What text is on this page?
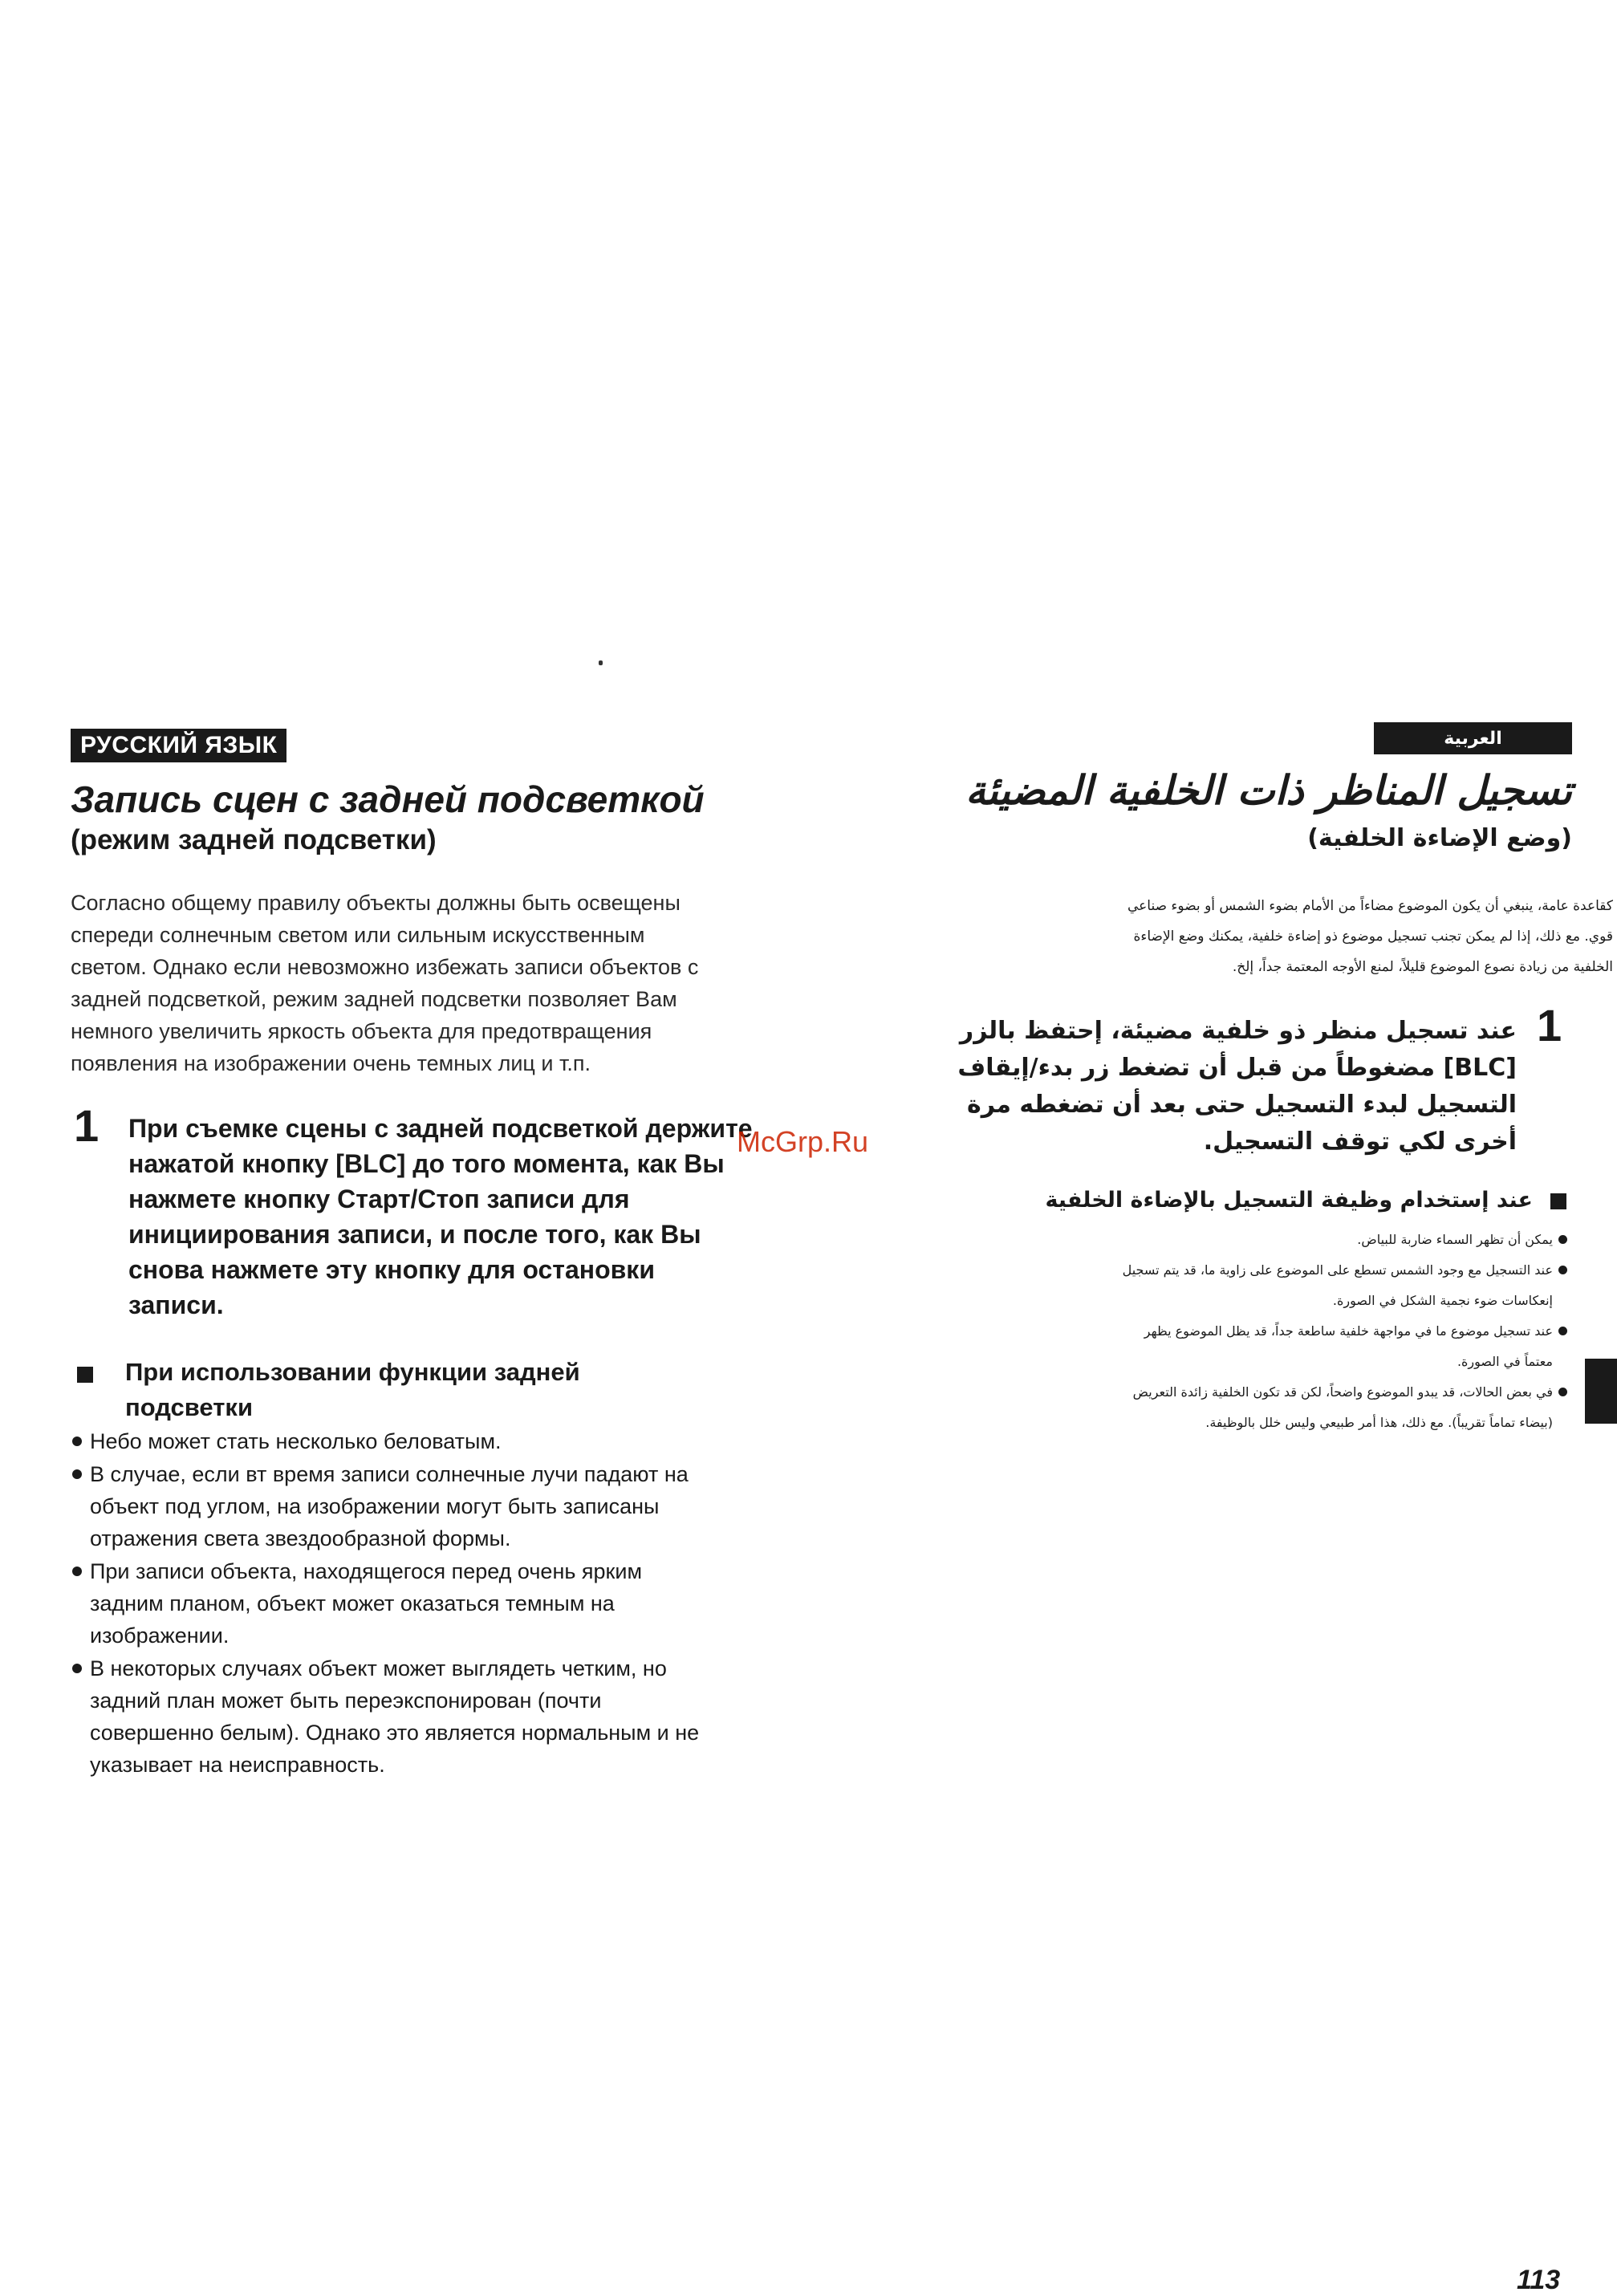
РУССКИЙ ЯЗЫК
Запись сцен с задней подсветкой
(режим задней подсветки)
Согласно общему правилу объекты должны быть освещены
спереди солнечным светом или сильным искусственным
светом. Однако если невозможно избежать записи объектов с
задней подсветкой, режим задней подсветки позволяет Вам
немного увеличить яркость объекта для предотвращения
появления на изображении очень темных лиц и т.п.
1 При съемке сцены с задней подсветкой держите
нажатой кнопку [BLC] до того момента, как Вы
нажмете кнопку Старт/Стоп записи для
инициирования записи, и после того, как Вы
снова нажмете эту кнопку для остановки
записи.
При использовании функции задней
подсветки
Небо может стать несколько беловатым.
В случае, если вт время записи солнечные лучи падают на
объект под углом, на изображении могут быть записаны
отражения света звездообразной формы.
При записи объекта, находящегося перед очень ярким
задним планом, объект может оказаться темным на
изображении.
В некоторых случаях объект может выглядеть четким, но
задний план может быть переэкспонирован (почти
совершенно белым). Однако это является нормальным и не
указывает на неисправность.
العربية
تسجيل المناظر ذات الخلفية المضيئة
(وضع الإضاءة الخلفية)
كقاعدة عامة، ينبغي أن يكون الموضوع مضاءاً من الأمام بضوء الشمس أو بضوء صناعي
قوي. مع ذلك، إذا لم يمكن تجنب تسجيل موضوع ذو إضاءة خلفية، يمكنك وضع الإضاءة
الخلفية من زيادة نصوع الموضوع قليلاً، لمنع الأوجه المعتمة جداً، إلخ.
1
عند تسجيل منظر ذو خلفية مضيئة، إحتفظ بالزر
[BLC] مضغوطاً من قبل أن تضغط زر بدء/إيقاف
التسجيل لبدء التسجيل حتى بعد أن تضغطه مرة
أخرى لكي توقف التسجيل.
عند إستخدام وظيفة التسجيل بالإضاءة الخلفية
يمكن أن تظهر السماء ضاربة للبياض.
عند التسجيل مع وجود الشمس تسطع على الموضوع على زاوية ما، قد يتم تسجيل
إنعكاسات ضوء نجمية الشكل في الصورة.
عند تسجيل موضوع ما في مواجهة خلفية ساطعة جداً، قد يظل الموضوع يظهر
معتماً في الصورة.
في بعض الحالات، قد يبدو الموضوع واضحاً، لكن قد تكون الخلفية زائدة التعريض
(بيضاء تماماً تقريباً). مع ذلك، هذا أمر طبيعي وليس خلل بالوظيفة.
McGrp.Ru
113
